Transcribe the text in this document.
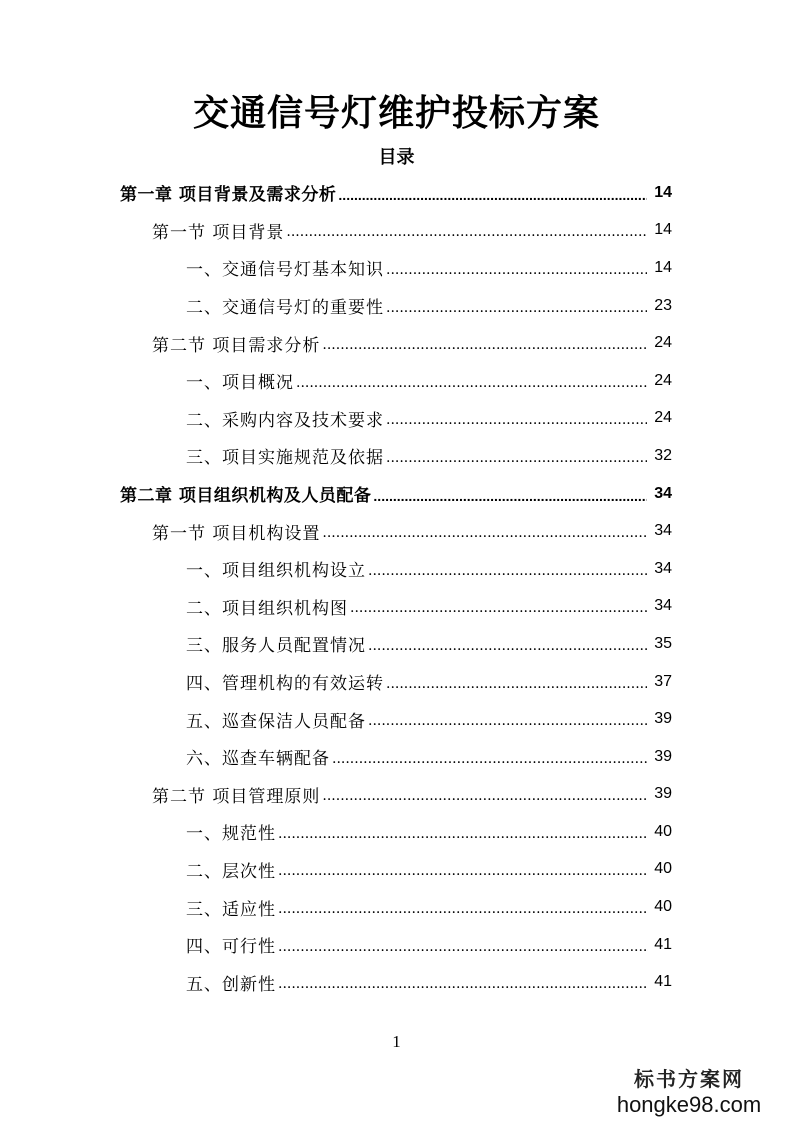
交通信号灯维护投标方案
目录
第一章 项目背景及需求分析 .....	14
第一节 项目背景 .....	14
一、交通信号灯基本知识 .....	14
二、交通信号灯的重要性 .....	23
第二节 项目需求分析 .....	24
一、项目概况 .....	24
二、采购内容及技术要求 .....	24
三、项目实施规范及依据 .....	32
第二章 项目组织机构及人员配备 .....	34
第一节 项目机构设置 .....	34
一、项目组织机构设立 .....	34
二、项目组织机构图 .....	34
三、服务人员配置情况 .....	35
四、管理机构的有效运转 .....	37
五、巡查保洁人员配备 .....	39
六、巡查车辆配备 .....	39
第二节 项目管理原则 .....	39
一、规范性 .....	40
二、层次性 .....	40
三、适应性 .....	40
四、可行性 .....	41
五、创新性 .....	41
1
标书方案网
hongke98.com
